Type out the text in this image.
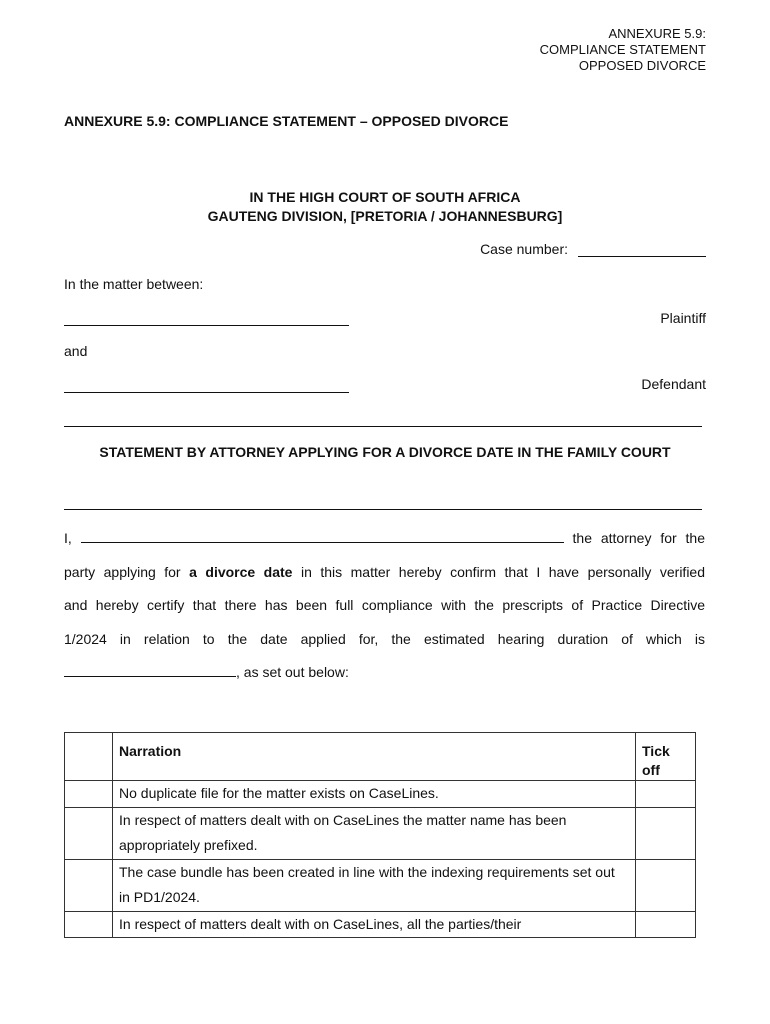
ANNEXURE 5.9:
COMPLIANCE STATEMENT
OPPOSED DIVORCE
ANNEXURE 5.9: COMPLIANCE STATEMENT – OPPOSED DIVORCE
IN THE HIGH COURT OF SOUTH AFRICA
GAUTENG DIVISION, [PRETORIA / JOHANNESBURG]
Case number:
In the matter between:
Plaintiff
and
Defendant
STATEMENT BY ATTORNEY APPLYING FOR A DIVORCE DATE IN THE FAMILY COURT
I,	the attorney for the
party applying for a divorce date in this matter hereby confirm that I have personally verified
and hereby certify that there has been full compliance with the prescripts of Practice Directive
1/2024 in relation to the date applied for, the estimated hearing duration of which is
, as set out below:
	Narration	Tick off
	No duplicate file for the matter exists on CaseLines.	
	In respect of matters dealt with on CaseLines the matter name has been appropriately prefixed.	
	The case bundle has been created in line with the indexing requirements set out in PD1/2024.	
	In respect of matters dealt with on CaseLines, all the parties/their	
